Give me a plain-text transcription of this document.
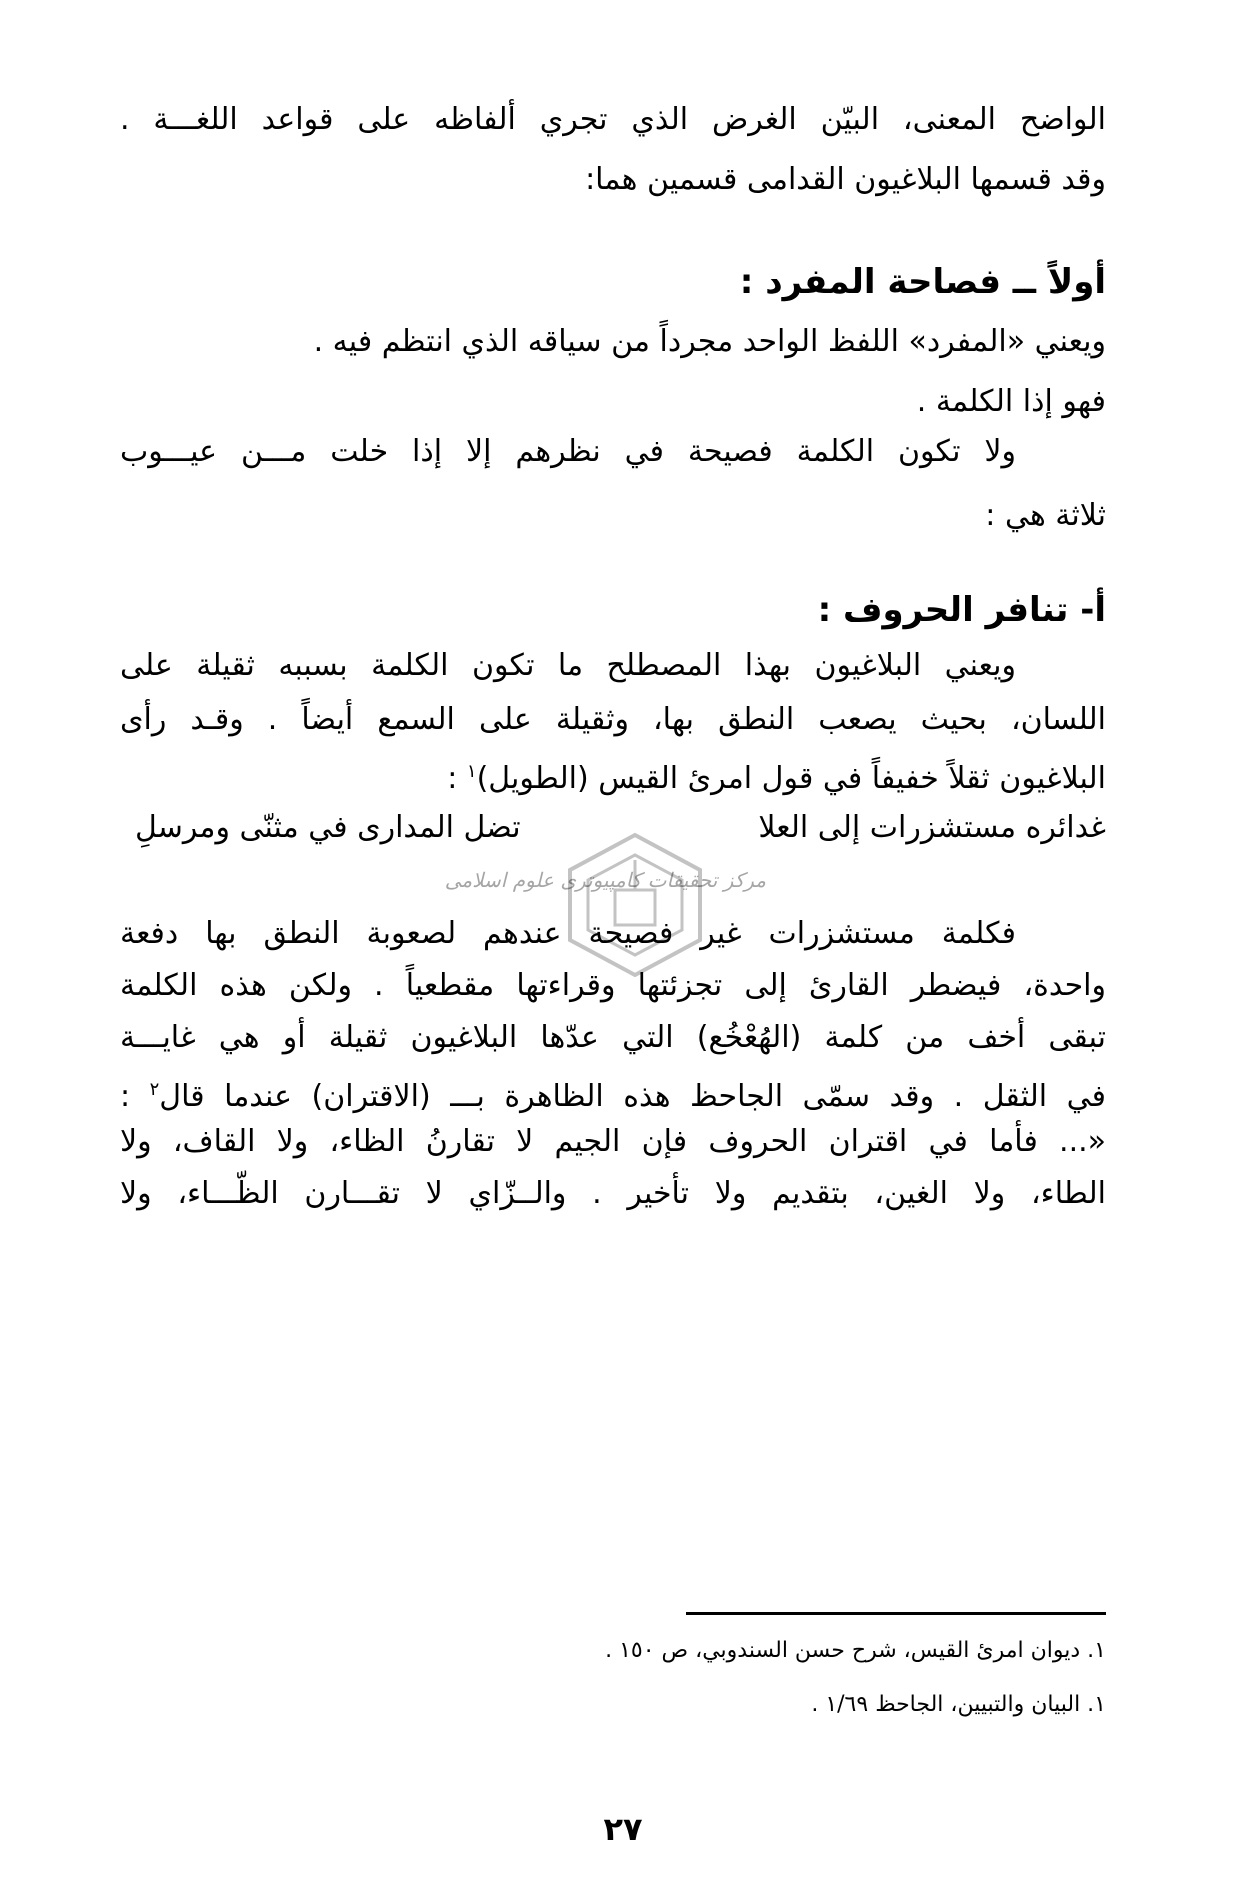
الواضح المعنى، البيّن الغرض الذي تجري ألفاظه على قواعد اللغـــة .
وقد قسمها البلاغيون القدامى قسمين هما:
أولاً ــ فصاحة المفرد :
ويعني «المفرد» اللفظ الواحد مجرداً من سياقه الذي انتظم فيه .
فهو إذا الكلمة .
ولا تكون الكلمة فصيحة في نظرهم إلا إذا خلت مـــن عيـــوب
ثلاثة هي :
أ- تنافر الحروف :
ويعني البلاغيون بهذا المصطلح ما تكون الكلمة بسببه ثقيلة على
اللسان، بحيث يصعب النطق بها، وثقيلة على السمع أيضاً . وقـد رأى
البلاغيون ثقلاً خفيفاً في قول امرئ القيس (الطويل)$^١$ :
غدائره مستشزرات إلى العلا
تضل المدارى في مثنّى ومرسلِ
مركز تحقیقات کامپیوتری علوم اسلامی
فكلمة مستشزرات غير فصيحة عندهم لصعوبة النطق بها دفعة
واحدة، فيضطر القارئ إلى تجزئتها وقراءتها مقطعياً . ولكن هذه الكلمة
تبقى أخف من كلمة (الهُعْخُع) التي عدّها البلاغيون ثقيلة أو هي غايـــة
في الثقل . وقد سمّى الجاحظ هذه الظاهرة بـــ (الاقتران) عندما قال$^٢$ :
«... فأما في اقتران الحروف فإن الجيم لا تقارنُ الظاء، ولا القاف، ولا
الطاء، ولا الغين، بتقديم ولا تأخير . والــزّاي لا تقـــارن الظّـــاء، ولا
١. ديوان امرئ القيس، شرح حسن السندوبي، ص ١٥٠ .
١. البيان والتبيين، الجاحظ ١/٦٩ .
٢٧
